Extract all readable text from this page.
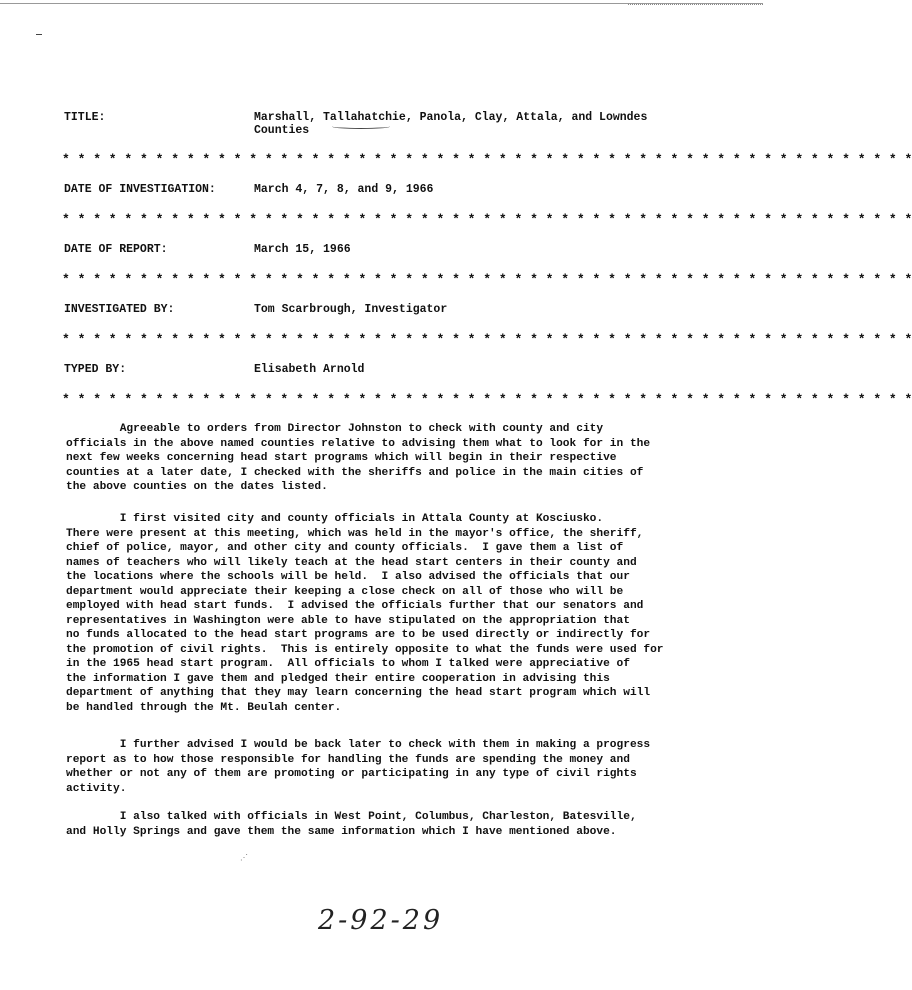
TITLE:	Marshall, Tallahatchie, Panola, Clay, Attala, and Lowndes
Counties
* * * * * * * * * * * * * * * * * * * * * * * * * * * * * * * * * * * * * * * * * * * * * * * * * * * * * * *
DATE OF INVESTIGATION:	March 4, 7, 8, and 9, 1966
* * * * * * * * * * * * * * * * * * * * * * * * * * * * * * * * * * * * * * * * * * * * * * * * * * * * * * *
DATE OF REPORT:	March 15, 1966
* * * * * * * * * * * * * * * * * * * * * * * * * * * * * * * * * * * * * * * * * * * * * * * * * * * * * * *
INVESTIGATED BY:	Tom Scarbrough, Investigator
* * * * * * * * * * * * * * * * * * * * * * * * * * * * * * * * * * * * * * * * * * * * * * * * * * * * * * *
TYPED BY:	Elisabeth Arnold
* * * * * * * * * * * * * * * * * * * * * * * * * * * * * * * * * * * * * * * * * * * * * * * * * * * * * * *
Agreeable to orders from Director Johnston to check with county and city
officials in the above named counties relative to advising them what to look for in the
next few weeks concerning head start programs which will begin in their respective
counties at a later date, I checked with the sheriffs and police in the main cities of
the above counties on the dates listed.
I first visited city and county officials in Attala County at Kosciusko.
There were present at this meeting, which was held in the mayor's office, the sheriff,
chief of police, mayor, and other city and county officials.  I gave them a list of
names of teachers who will likely teach at the head start centers in their county and
the locations where the schools will be held.  I also advised the officials that our
department would appreciate their keeping a close check on all of those who will be
employed with head start funds.  I advised the officials further that our senators and
representatives in Washington were able to have stipulated on the appropriation that
no funds allocated to the head start programs are to be used directly or indirectly for
the promotion of civil rights.  This is entirely opposite to what the funds were used for
in the 1965 head start program.  All officials to whom I talked were appreciative of
the information I gave them and pledged their entire cooperation in advising this
department of anything that they may learn concerning the head start program which will
be handled through the Mt. Beulah center.
I further advised I would be back later to check with them in making a progress
report as to how those responsible for handling the funds are spending the money and
whether or not any of them are promoting or participating in any type of civil rights
activity.
I also talked with officials in West Point, Columbus, Charleston, Batesville,
and Holly Springs and gave them the same information which I have mentioned above.
⋰
2-92-29
